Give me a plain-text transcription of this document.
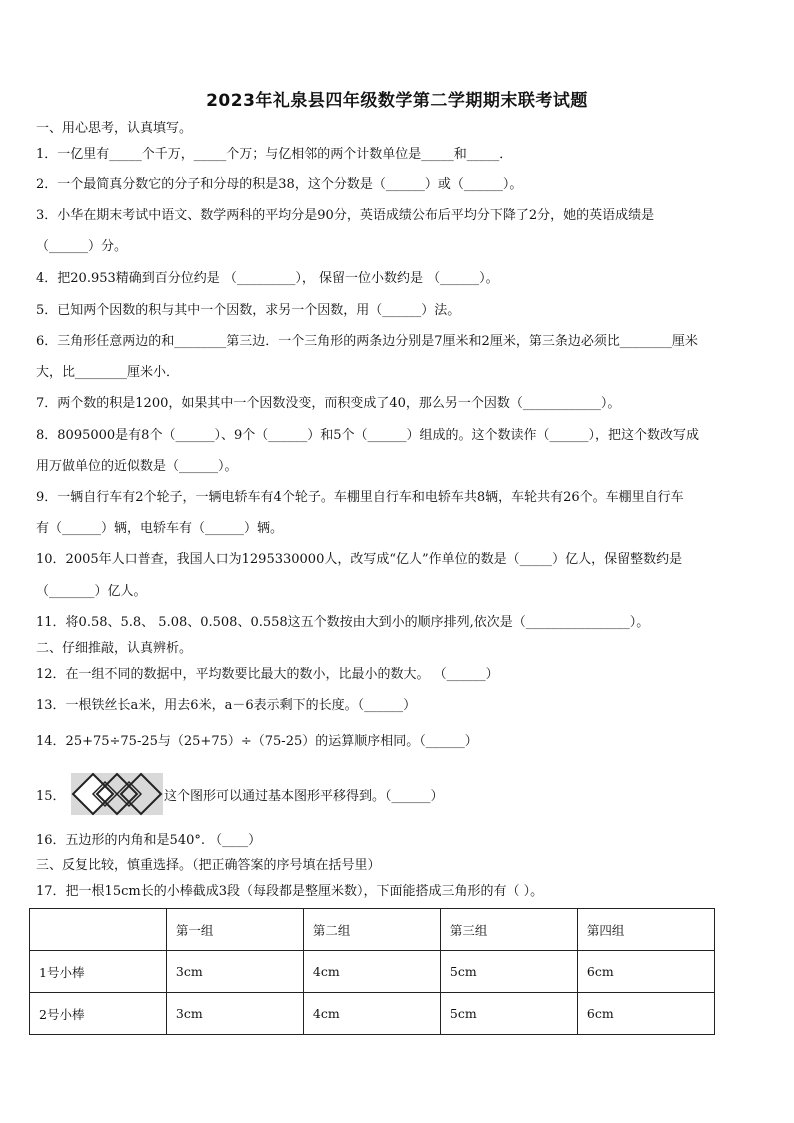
2023年礼泉县四年级数学第二学期期末联考试题
一、用心思考，认真填写。
1．一亿里有_____个千万，_____个万；与亿相邻的两个计数单位是_____和_____．
2．一个最简真分数它的分子和分母的积是38，这个分数是（______）或（______）。
3．小华在期末考试中语文、数学两科的平均分是90分，英语成绩公布后平均分下降了2分，她的英语成绩是
（______）分。
4．把20.953精确到百分位约是 （_________）， 保留一位小数约是 （______）。
5．已知两个因数的积与其中一个因数，求另一个因数，用（______）法。
6．三角形任意两边的和________第三边．一个三角形的两条边分别是7厘米和2厘米，第三条边必须比________厘米
大，比________厘米小．
7．两个数的积是1200，如果其中一个因数没变，而积变成了40，那么另一个因数（____________）。
8．8095000是有8个（______）、9个（______）和5个（______）组成的。这个数读作（______），把这个数改写成
用万做单位的近似数是（______）。
9．一辆自行车有2个轮子，一辆电轿车有4个轮子。车棚里自行车和电轿车共8辆，车轮共有26个。车棚里自行车
有（______）辆，电轿车有（______）辆。
10．2005年人口普查，我国人口为1295330000人，改写成“亿人”作单位的数是（_____）亿人，保留整数约是
（_______）亿人。
11．将0.58、5.8、 5.08、0.508、0.558这五个数按由大到小的顺序排列,依次是（________________）。
二、仔细推敲，认真辨析。
12．在一组不同的数据中，平均数要比最大的数小，比最小的数大。 （______）
13．一根铁丝长a米，用去6米，a－6表示剩下的长度。（______）
14．25+75÷75-25与（25+75）÷（75-25）的运算顺序相同。（______）
15．	这个图形可以通过基本图形平移得到。（______）
16．五边形的内角和是540°. （____）
三、反复比较，慎重选择。（把正确答案的序号填在括号里）
17．把一根15cm长的小棒截成3段（每段都是整厘米数），下面能搭成三角形的有（ ）。
	第一组	第二组	第三组	第四组
1号小棒	3cm	4cm	5cm	6cm
2号小棒	3cm	4cm	5cm	6cm
